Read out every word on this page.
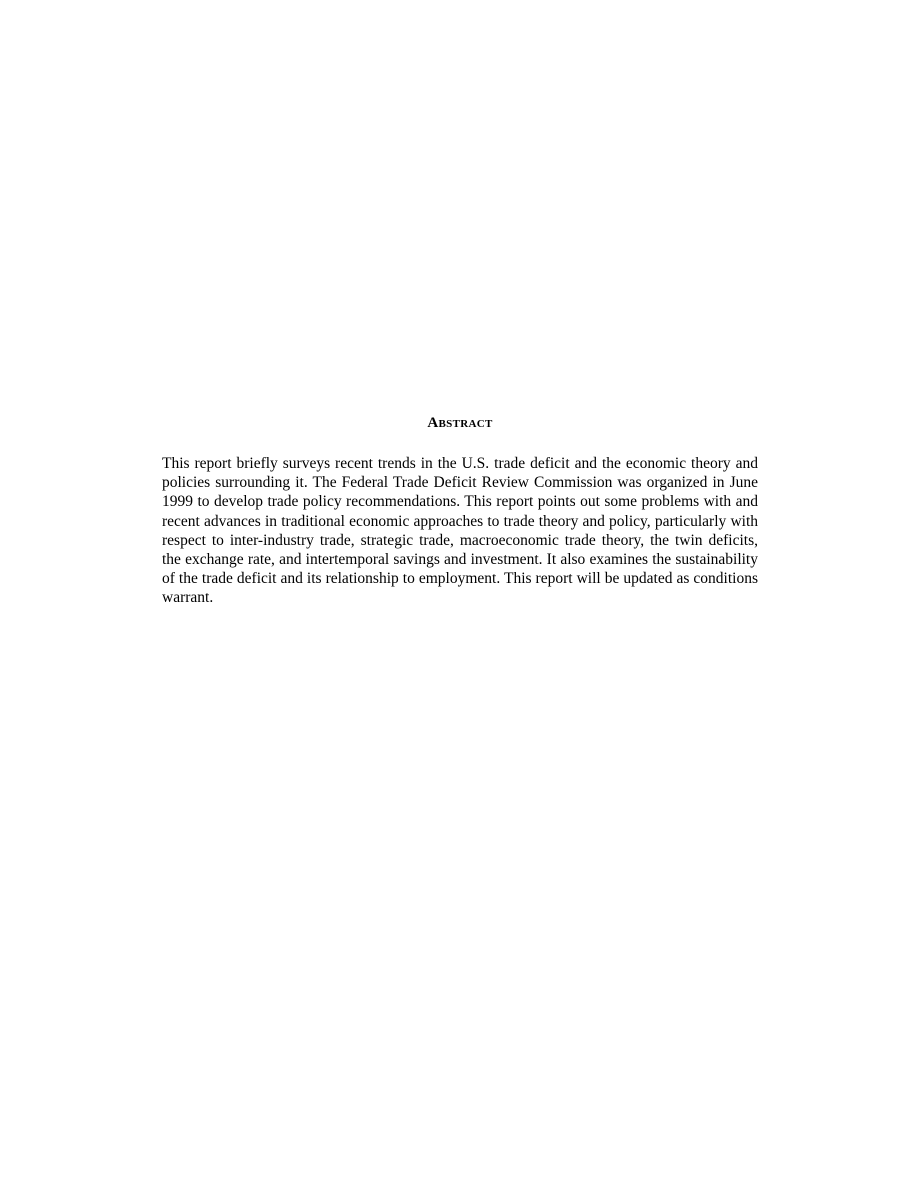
Abstract

This report briefly surveys recent trends in the U.S. trade deficit and the economic theory and policies surrounding it. The Federal Trade Deficit Review Commission was organized in June 1999 to develop trade policy recommendations. This report points out some problems with and recent advances in traditional economic approaches to trade theory and policy, particularly with respect to inter-industry trade, strategic trade, macroeconomic trade theory, the twin deficits, the exchange rate, and intertemporal savings and investment. It also examines the sustainability of the trade deficit and its relationship to employment. This report will be updated as conditions warrant.
